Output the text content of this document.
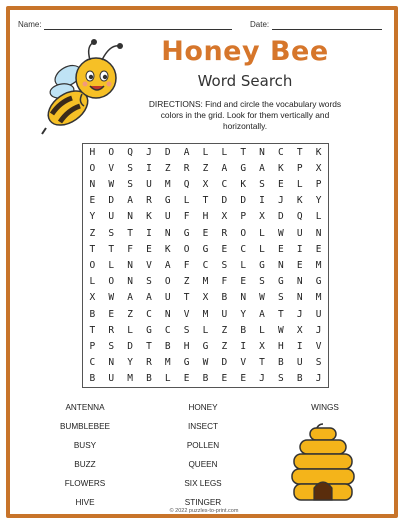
Name:	Date:
Honey Bee
Word Search
DIRECTIONS: Find and circle the vocabulary words colors in the grid. Look for them vertically and horizontally.
H	O	Q	J	D	A	L	L	T	N	C	T	K
O	V	S	I	Z	R	Z	A	G	A	K	P	X
N	W	S	U	M	Q	X	C	K	S	E	L	P
E	D	A	R	G	L	T	D	D	I	J	K	Y
Y	U	N	K	U	F	H	X	P	X	D	Q	L
Z	S	T	I	N	G	E	R	O	L	W	U	N
T	T	F	E	K	O	G	E	C	L	E	I	E
O	L	N	V	A	F	C	S	L	G	N	E	M
L	O	N	S	O	Z	M	F	E	S	G	N	G
X	W	A	A	U	T	X	B	N	W	S	N	M
B	E	Z	C	N	V	M	U	Y	A	T	J	U
T	R	L	G	C	S	L	Z	B	L	W	X	J
P	S	D	T	B	H	G	Z	I	X	H	I	V
C	N	Y	R	M	G	W	D	V	T	B	U	S
B	U	M	B	L	E	B	E	E	J	S	B	J
ANTENNA
BUMBLEBEE
BUSY
BUZZ
FLOWERS
HIVE
HONEY
INSECT
POLLEN
QUEEN
SIX LEGS
STINGER
WINGS
© 2022 puzzles-to-print.com
